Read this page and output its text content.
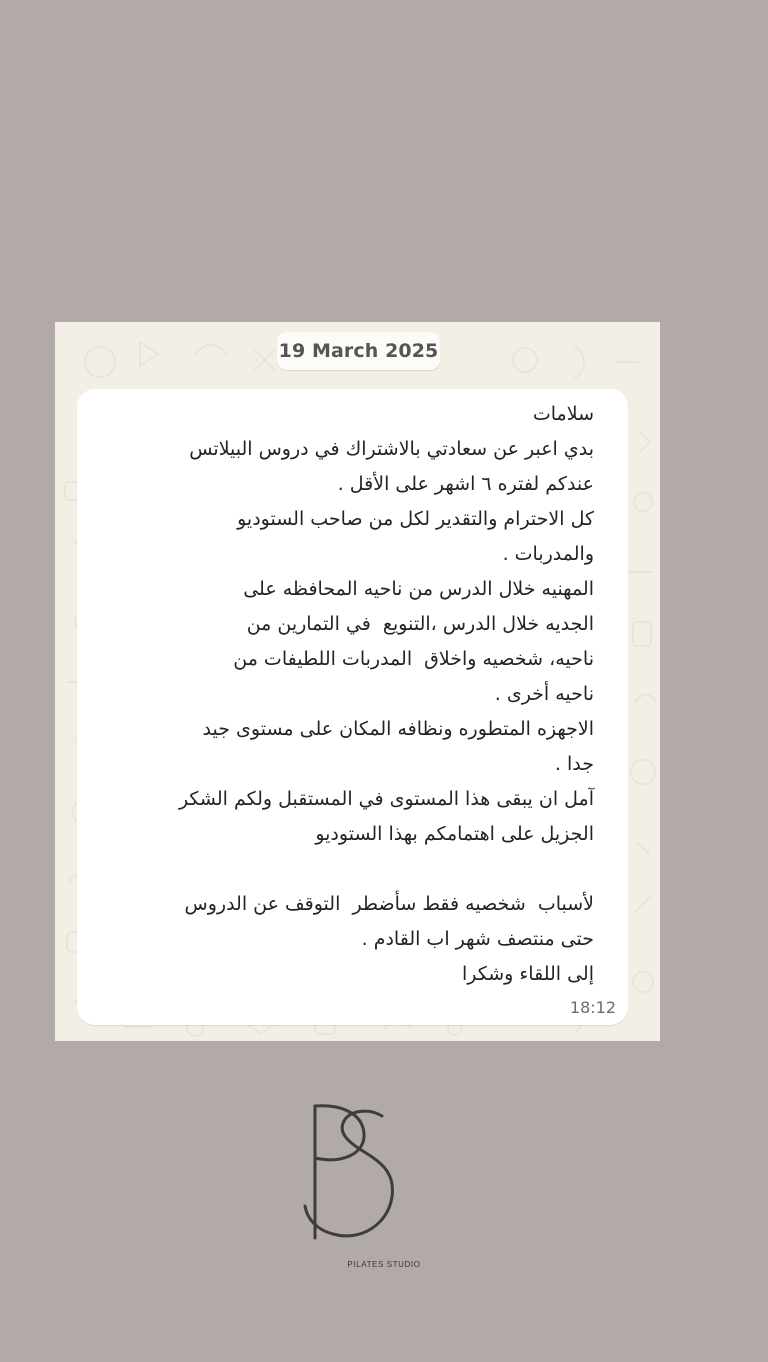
19 March 2025

سلامات
بدي اعبر عن سعادتي بالاشتراك في دروس البيلاتس
عندكم لفتره ٦ اشهر على الأقل .
كل الاحترام والتقدير لكل من صاحب الستوديو
والمدربات .
المهنيه خلال الدرس من ناحيه المحافظه على
الجديه خلال الدرس ،التنويع  في التمارين من
ناحيه، شخصيه واخلاق  المدربات اللطيفات من
ناحيه أخرى .
الاجهزه المتطوره ونظافه المكان على مستوى جيد
جدا .
آمل ان يبقى هذا المستوى في المستقبل ولكم الشكر
الجزيل على اهتمامكم بهذا الستوديو

لأسباب  شخصيه فقط سأضطر  التوقف عن الدروس
حتى منتصف شهر اب القادم .
إلى اللقاء وشكرا

18:12
PILATES STUDIO
